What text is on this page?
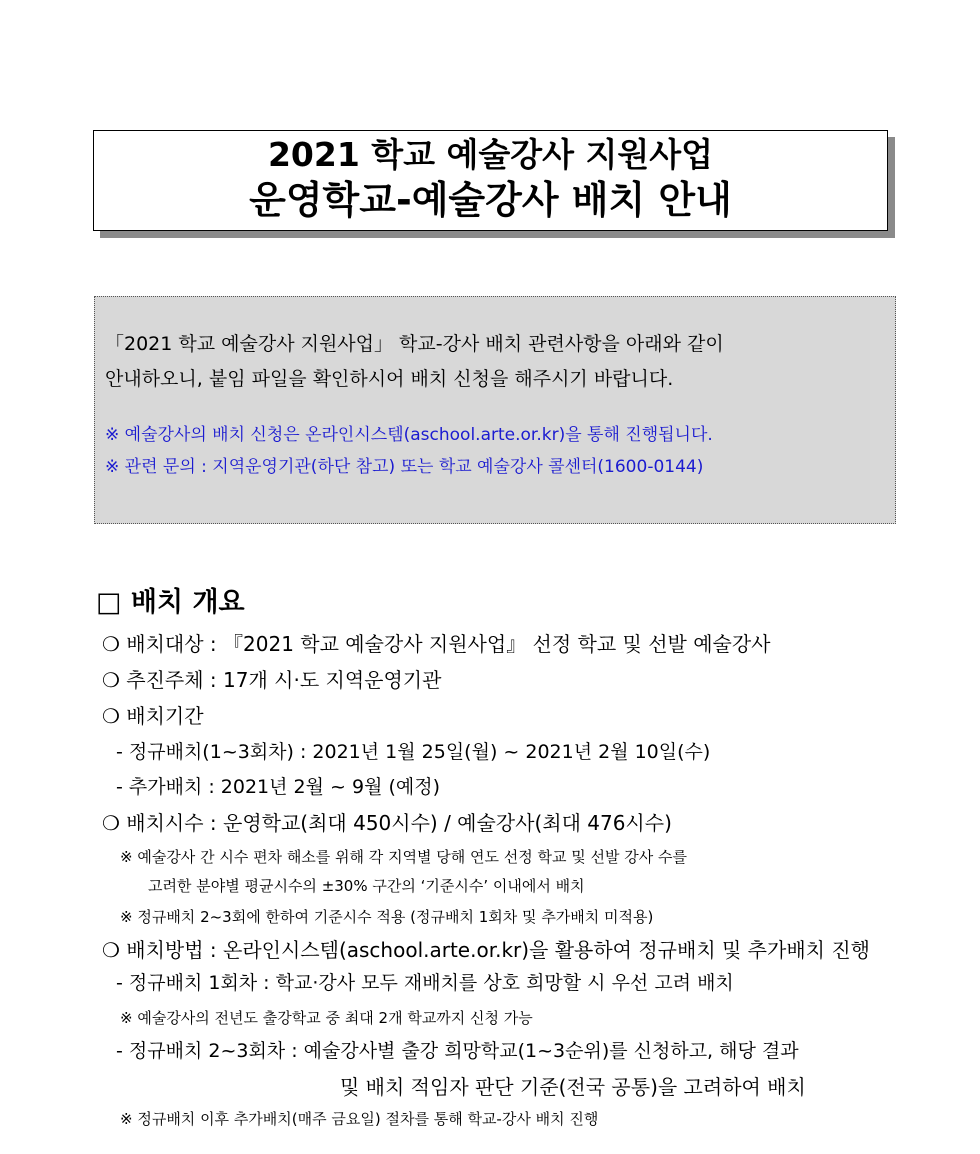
2021 학교 예술강사 지원사업
운영학교-예술강사 배치 안내
「2021 학교 예술강사 지원사업」 학교-강사 배치 관련사항을 아래와 같이
안내하오니, 붙임 파일을 확인하시어 배치 신청을 해주시기 바랍니다.
※ 예술강사의 배치 신청은 온라인시스템(aschool.arte.or.kr)을 통해 진행됩니다.
※ 관련 문의 : 지역운영기관(하단 참고) 또는 학교 예술강사 콜센터(1600-0144)
□ 배치 개요
❍ 배치대상 : 『2021 학교 예술강사 지원사업』 선정 학교 및 선발 예술강사
❍ 추진주체 : 17개 시·도 지역운영기관
❍ 배치기간
- 정규배치(1~3회차) : 2021년 1월 25일(월) ~ 2021년 2월 10일(수)
- 추가배치 : 2021년 2월 ~ 9월 (예정)
❍ 배치시수 : 운영학교(최대 450시수) / 예술강사(최대 476시수)
※ 예술강사 간 시수 편차 해소를 위해 각 지역별 당해 연도 선정 학교 및 선발 강사 수를
고려한 분야별 평균시수의 ±30% 구간의 ‘기준시수’ 이내에서 배치
※ 정규배치 2~3회에 한하여 기준시수 적용 (정규배치 1회차 및 추가배치 미적용)
❍ 배치방법 : 온라인시스템(aschool.arte.or.kr)을 활용하여 정규배치 및 추가배치 진행
- 정규배치 1회차 : 학교·강사 모두 재배치를 상호 희망할 시 우선 고려 배치
※ 예술강사의 전년도 출강학교 중 최대 2개 학교까지 신청 가능
- 정규배치 2~3회차 : 예술강사별 출강 희망학교(1~3순위)를 신청하고, 해당 결과
및 배치 적임자 판단 기준(전국 공통)을 고려하여 배치
※ 정규배치 이후 추가배치(매주 금요일) 절차를 통해 학교-강사 배치 진행
